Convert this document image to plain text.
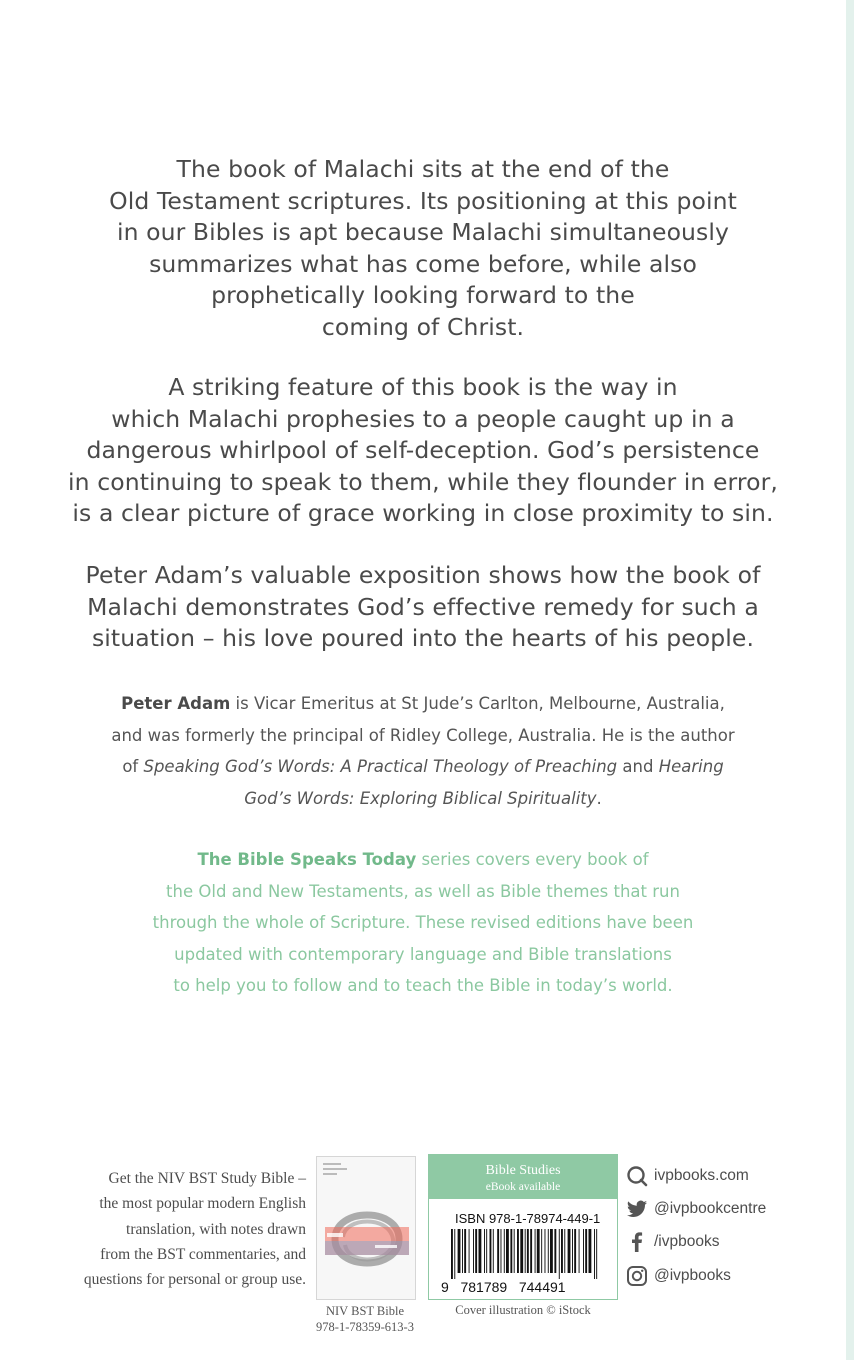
The book of Malachi sits at the end of the
Old Testament scriptures. Its positioning at this point
in our Bibles is apt because Malachi simultaneously
summarizes what has come before, while also
prophetically looking forward to the
coming of Christ.
A striking feature of this book is the way in
which Malachi prophesies to a people caught up in a
dangerous whirlpool of self-deception. God’s persistence
in continuing to speak to them, while they flounder in error,
is a clear picture of grace working in close proximity to sin.
Peter Adam’s valuable exposition shows how the book of
Malachi demonstrates God’s effective remedy for such a
situation – his love poured into the hearts of his people.
Peter Adam is Vicar Emeritus at St Jude’s Carlton, Melbourne, Australia,
and was formerly the principal of Ridley College, Australia. He is the author
of Speaking God’s Words: A Practical Theology of Preaching and Hearing
God’s Words: Exploring Biblical Spirituality.
The Bible Speaks Today series covers every book of
the Old and New Testaments, as well as Bible themes that run
through the whole of Scripture. These revised editions have been
updated with contemporary language and Bible translations
to help you to follow and to teach the Bible in today’s world.
Get the NIV BST Study Bible –
the most popular modern English
translation, with notes drawn
from the BST commentaries, and
questions for personal or group use.
NIV BST Bible
978-1-78359-613-3
Bible Studies
eBook available
ISBN 978-1-78974-449-1
9   781789   744491
Cover illustration © iStock
ivpbooks.com
@ivpbookcentre
/ivpbooks
@ivpbooks
